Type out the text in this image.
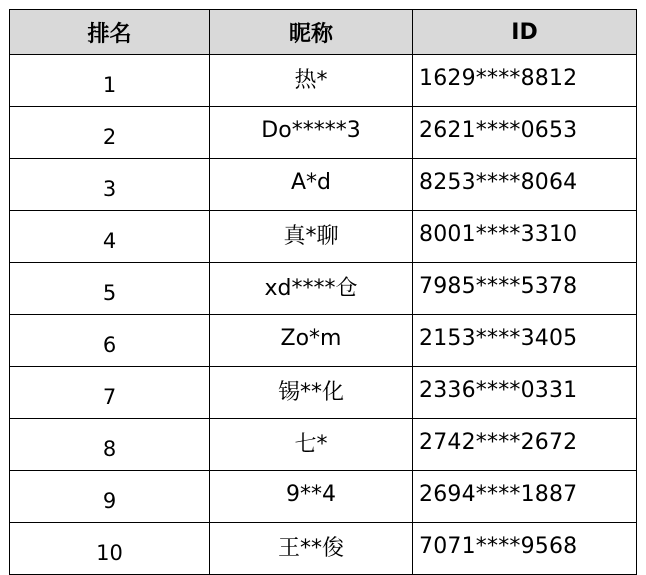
排名	昵称	ID
1	热*	1629****8812
2	Do*****3	2621****0653
3	A*d	8253****8064
4	真*聊	8001****3310
5	xd****仓	7985****5378
6	Zo*m	2153****3405
7	锡**化	2336****0331
8	七*	2742****2672
9	9**4	2694****1887
10	王**俊	7071****9568
